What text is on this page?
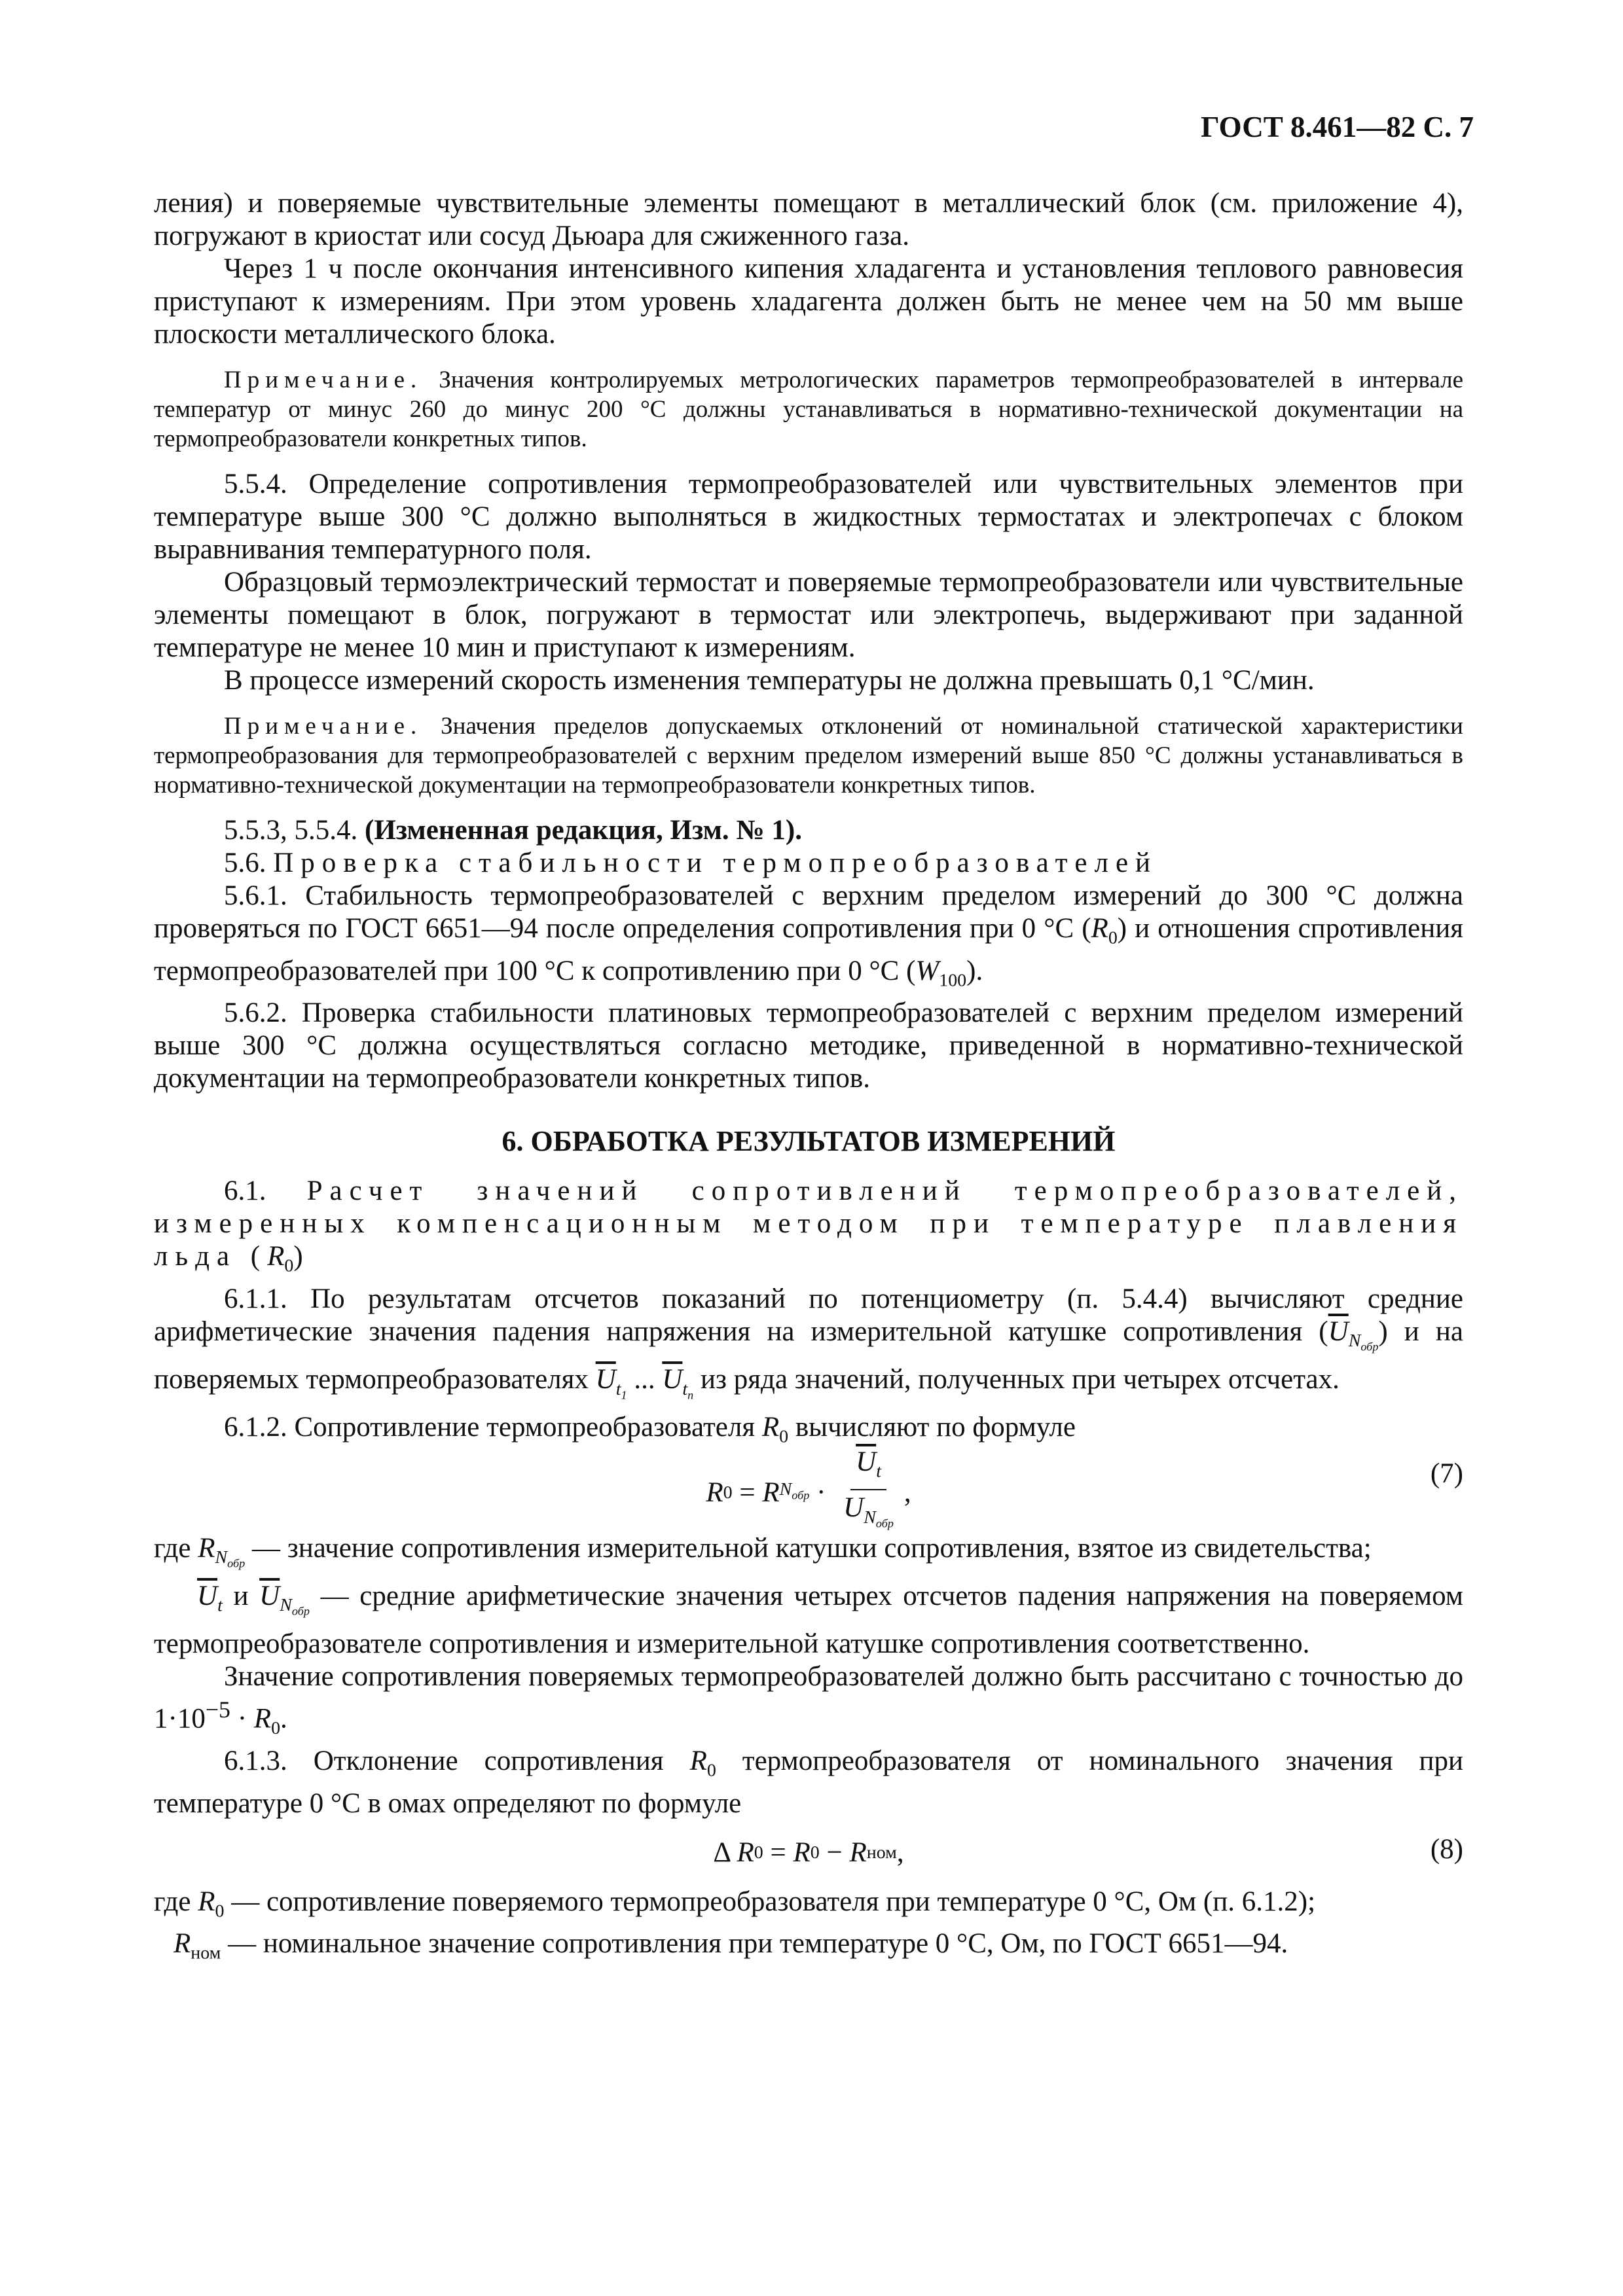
ГОСТ 8.461—82 С. 7

ления) и поверяемые чувствительные элементы помещают в металлический блок (см. приложение 4), погружают в криостат или сосуд Дьюара для сжиженного газа.

Через 1 ч после окончания интенсивного кипения хладагента и установления теплового равновесия приступают к измерениям. При этом уровень хладагента должен быть не менее чем на 50 мм выше плоскости металлического блока.

Примечание. Значения контролируемых метрологических параметров термопреобразователей в интервале температур от минус 260 до минус 200 °С должны устанавливаться в нормативно-технической документации на термопреобразователи конкретных типов.

5.5.4. Определение сопротивления термопреобразователей или чувствительных элементов при температуре выше 300 °С должно выполняться в жидкостных термостатах и электропечах с блоком выравнивания температурного поля.

Образцовый термоэлектрический термостат и поверяемые термопреобразователи или чувствительные элементы помещают в блок, погружают в термостат или электропечь, выдерживают при заданной температуре не менее 10 мин и приступают к измерениям.

В процессе измерений скорость изменения температуры не должна превышать 0,1 °С/мин.

Примечание. Значения пределов допускаемых отклонений от номинальной статической характеристики термопреобразования для термопреобразователей с верхним пределом измерений выше 850 °С должны устанавливаться в нормативно-технической документации на термопреобразователи конкретных типов.

5.5.3, 5.5.4. (Измененная редакция, Изм. № 1).

5.6. Проверка стабильности термопреобразователей

5.6.1. Стабильность термопреобразователей с верхним пределом измерений до 300 °С должна проверяться по ГОСТ 6651—94 после определения сопротивления при 0 °С $(R_0)$ и отношения спротивления термопреобразователей при 100 °С к сопротивлению при 0 °С $(W_{100})$.

5.6.2. Проверка стабильности платиновых термопреобразователей с верхним пределом измерений выше 300 °С должна осуществляться согласно методике, приведенной в нормативно-технической документации на термопреобразователи конкретных типов.

6. ОБРАБОТКА РЕЗУЛЬТАТОВ ИЗМЕРЕНИЙ

6.1. Расчет значений сопротивлений термопреобразователей, измеренных компенсационным методом при температуре плавления льда $(R_0)$

6.1.1. По результатам отсчетов показаний по потенциометру (п. 5.4.4) вычисляют средние арифметические значения падения напряжения на измерительной катушке сопротивления $(\overline{U}_{N_{обр}})$ и на поверяемых термопреобразователях $\overline{U}_{t_1}$ ... $\overline{U}_{t_n}$ из ряда значений, полученных при четырех отсчетах.

6.1.2. Сопротивление термопреобразователя $R_0$ вычисляют по формуле

R 0 = R $N_{обр} \cdot \frac{\overline{U}_t}{U_{N_{обр}}}$ ,
(7)

где $R_{N_{обр}}$ — значение сопротивления измерительной катушки сопротивления, взятое из свидетельства;

$\overline{U}_t$ и $\overline{U}_{N_{обр}}$ — средние арифметические значения четырех отсчетов падения напряжения на поверяемом термопреобразователе сопротивления и измерительной катушке сопротивления соответственно.

Значение сопротивления поверяемых термопреобразователей должно быть рассчитано с точностью до $1\cdot 10^{-5} \cdot R_0$.

6.1.3. Отклонение сопротивления $R_0$ термопреобразователя от номинального значения при температуре 0 °С в омах определяют по формуле

Δ R 0 = R 0 − R ном ,	(8)

где $R_0$ — сопротивление поверяемого термопреобразователя при температуре 0 °С, Ом (п. 6.1.2);

$R_{ном}$ — номинальное значение сопротивления при температуре 0 °С, Ом, по ГОСТ 6651—94.
